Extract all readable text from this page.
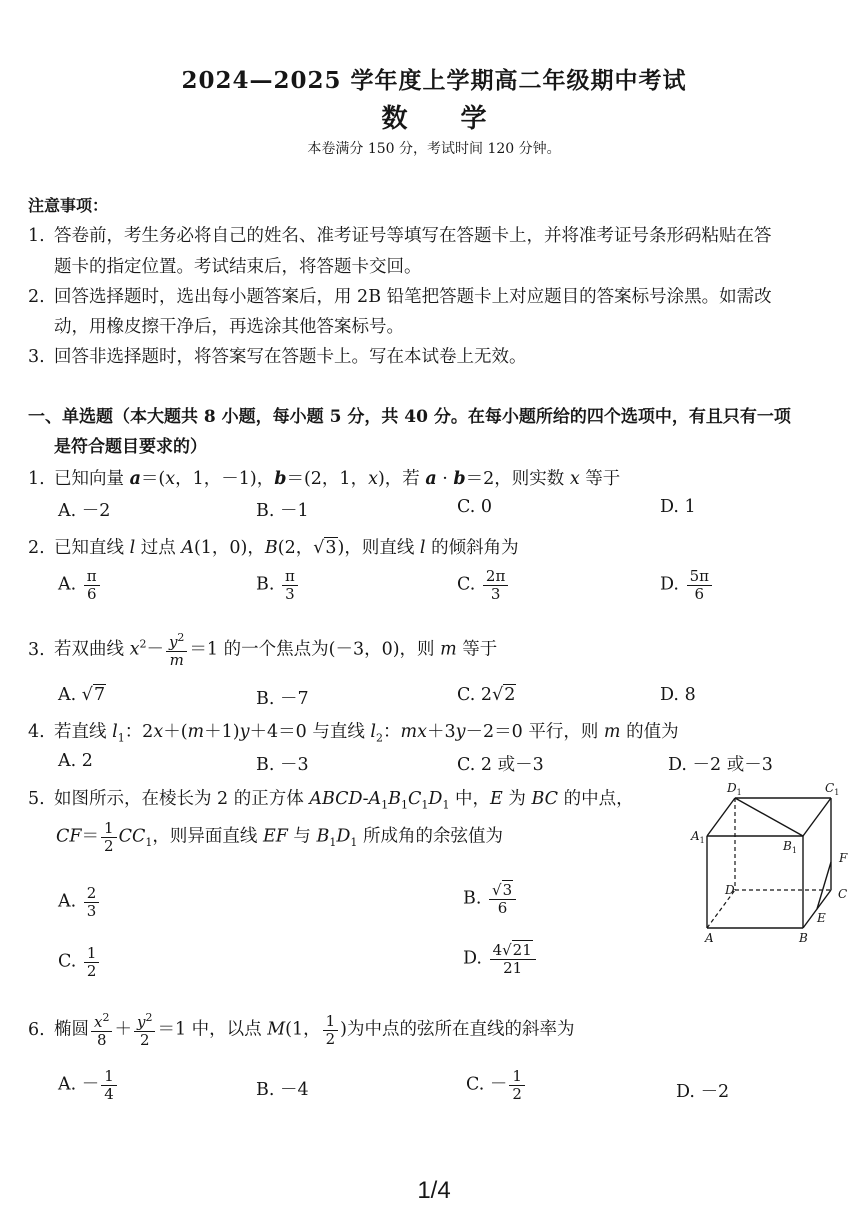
2024—2025 学年度上学期高二年级期中考试
数 学
本卷满分 150 分，考试时间 120 分钟。
注意事项：
1. 答卷前，考生务必将自己的姓名、准考证号等填写在答题卡上，并将准考证号条形码粘贴在答
题卡的指定位置。考试结束后，将答题卡交回。
2. 回答选择题时，选出每小题答案后，用 2B 铅笔把答题卡上对应题目的答案标号涂黑。如需改
动，用橡皮擦干净后，再选涂其他答案标号。
3. 回答非选择题时，将答案写在答题卡上。写在本试卷上无效。
一、单选题（本大题共 8 小题，每小题 5 分，共 40 分。在每小题所给的四个选项中，有且只有一项
是符合题目要求的）
1. 已知向量 a＝(x，1，－1)，b＝(2，1，x)，若 a · b＝2，则实数 x 等于
A. －2	B. －1	C. 0	D. 1
2. 已知直线 l 过点 A(1，0)，B(2，√3)，则直线 l 的倾斜角为
A. $\frac{\pi}{6}$	B. $\frac{\pi}{3}$	C. $\frac{2\pi}{3}$	D. $\frac{5\pi}{6}$
3. 若双曲线 $x^2- \frac{y^2}{m} =1$ 的一个焦点为(－3，0)，则 m 等于
A. √7	B. －7	C. 2√2	D. 8
4. 若直线 $l_1$：2x＋(m＋1)y＋4＝0 与直线 $l_2$：mx＋3y－2＝0 平行，则 m 的值为
A. 2	B. －3	C. 2 或－3	D. －2 或－3
5. 如图所示，在棱长为 2 的正方体 ABCD-$A_1B_1C_1D_1$ 中，E 为 BC 的中点，
$CF= \frac{1}{2} CC_1$，则异面直线 EF 与 $B_1D_1$ 所成角的余弦值为
A. $\frac{2}{3}$	B. $\frac{√3}{6}$
C. $\frac{1}{2}$	D. $\frac{4√21}{21}$
$D_1$	$C_1$
$A_1$	$B_1$
F
D	C
E
A	B
6. 椭圆 $\frac{x^2}{8} + \frac{y^2}{2} =1$ 中，以点 M(1， $\frac{1}{2}$ )为中点的弦所在直线的斜率为
A. － $\frac{1}{4}$	B. －4	C. － $\frac{1}{2}$	D. －2
1/4
